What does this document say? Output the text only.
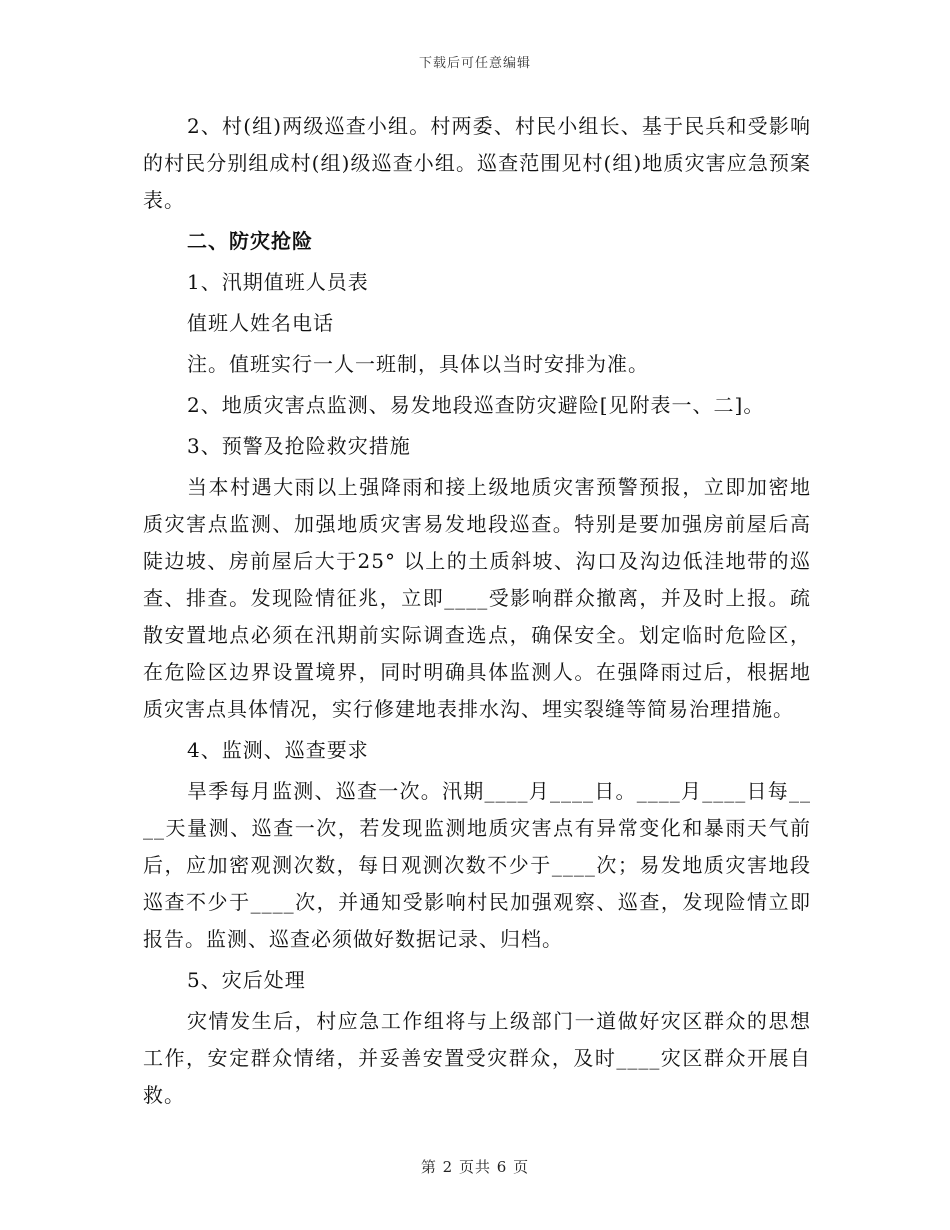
下载后可任意编辑

2、村(组)两级巡查小组。村两委、村民小组长、基于民兵和受影响的村民分别组成村(组)级巡查小组。巡查范围见村(组)地质灾害应急预案表。

二、防灾抢险

1、汛期值班人员表

值班人姓名电话

注。值班实行一人一班制，具体以当时安排为准。

2、地质灾害点监测、易发地段巡查防灾避险[见附表一、二]。

3、预警及抢险救灾措施

当本村遇大雨以上强降雨和接上级地质灾害预警预报，立即加密地质灾害点监测、加强地质灾害易发地段巡查。特别是要加强房前屋后高陡边坡、房前屋后大于25° 以上的土质斜坡、沟口及沟边低洼地带的巡查、排查。发现险情征兆，立即____受影响群众撤离，并及时上报。疏散安置地点必须在汛期前实际调查选点，确保安全。划定临时危险区，在危险区边界设置境界，同时明确具体监测人。在强降雨过后，根据地质灾害点具体情况，实行修建地表排水沟、埋实裂缝等简易治理措施。

4、监测、巡查要求

旱季每月监测、巡查一次。汛期____月____日。____月____日每____天量测、巡查一次，若发现监测地质灾害点有异常变化和暴雨天气前后，应加密观测次数，每日观测次数不少于____次；易发地质灾害地段巡查不少于____次，并通知受影响村民加强观察、巡查，发现险情立即报告。监测、巡查必须做好数据记录、归档。

5、灾后处理

灾情发生后，村应急工作组将与上级部门一道做好灾区群众的思想工作，安定群众情绪，并妥善安置受灾群众，及时____灾区群众开展自救。

第 2 页共 6 页
